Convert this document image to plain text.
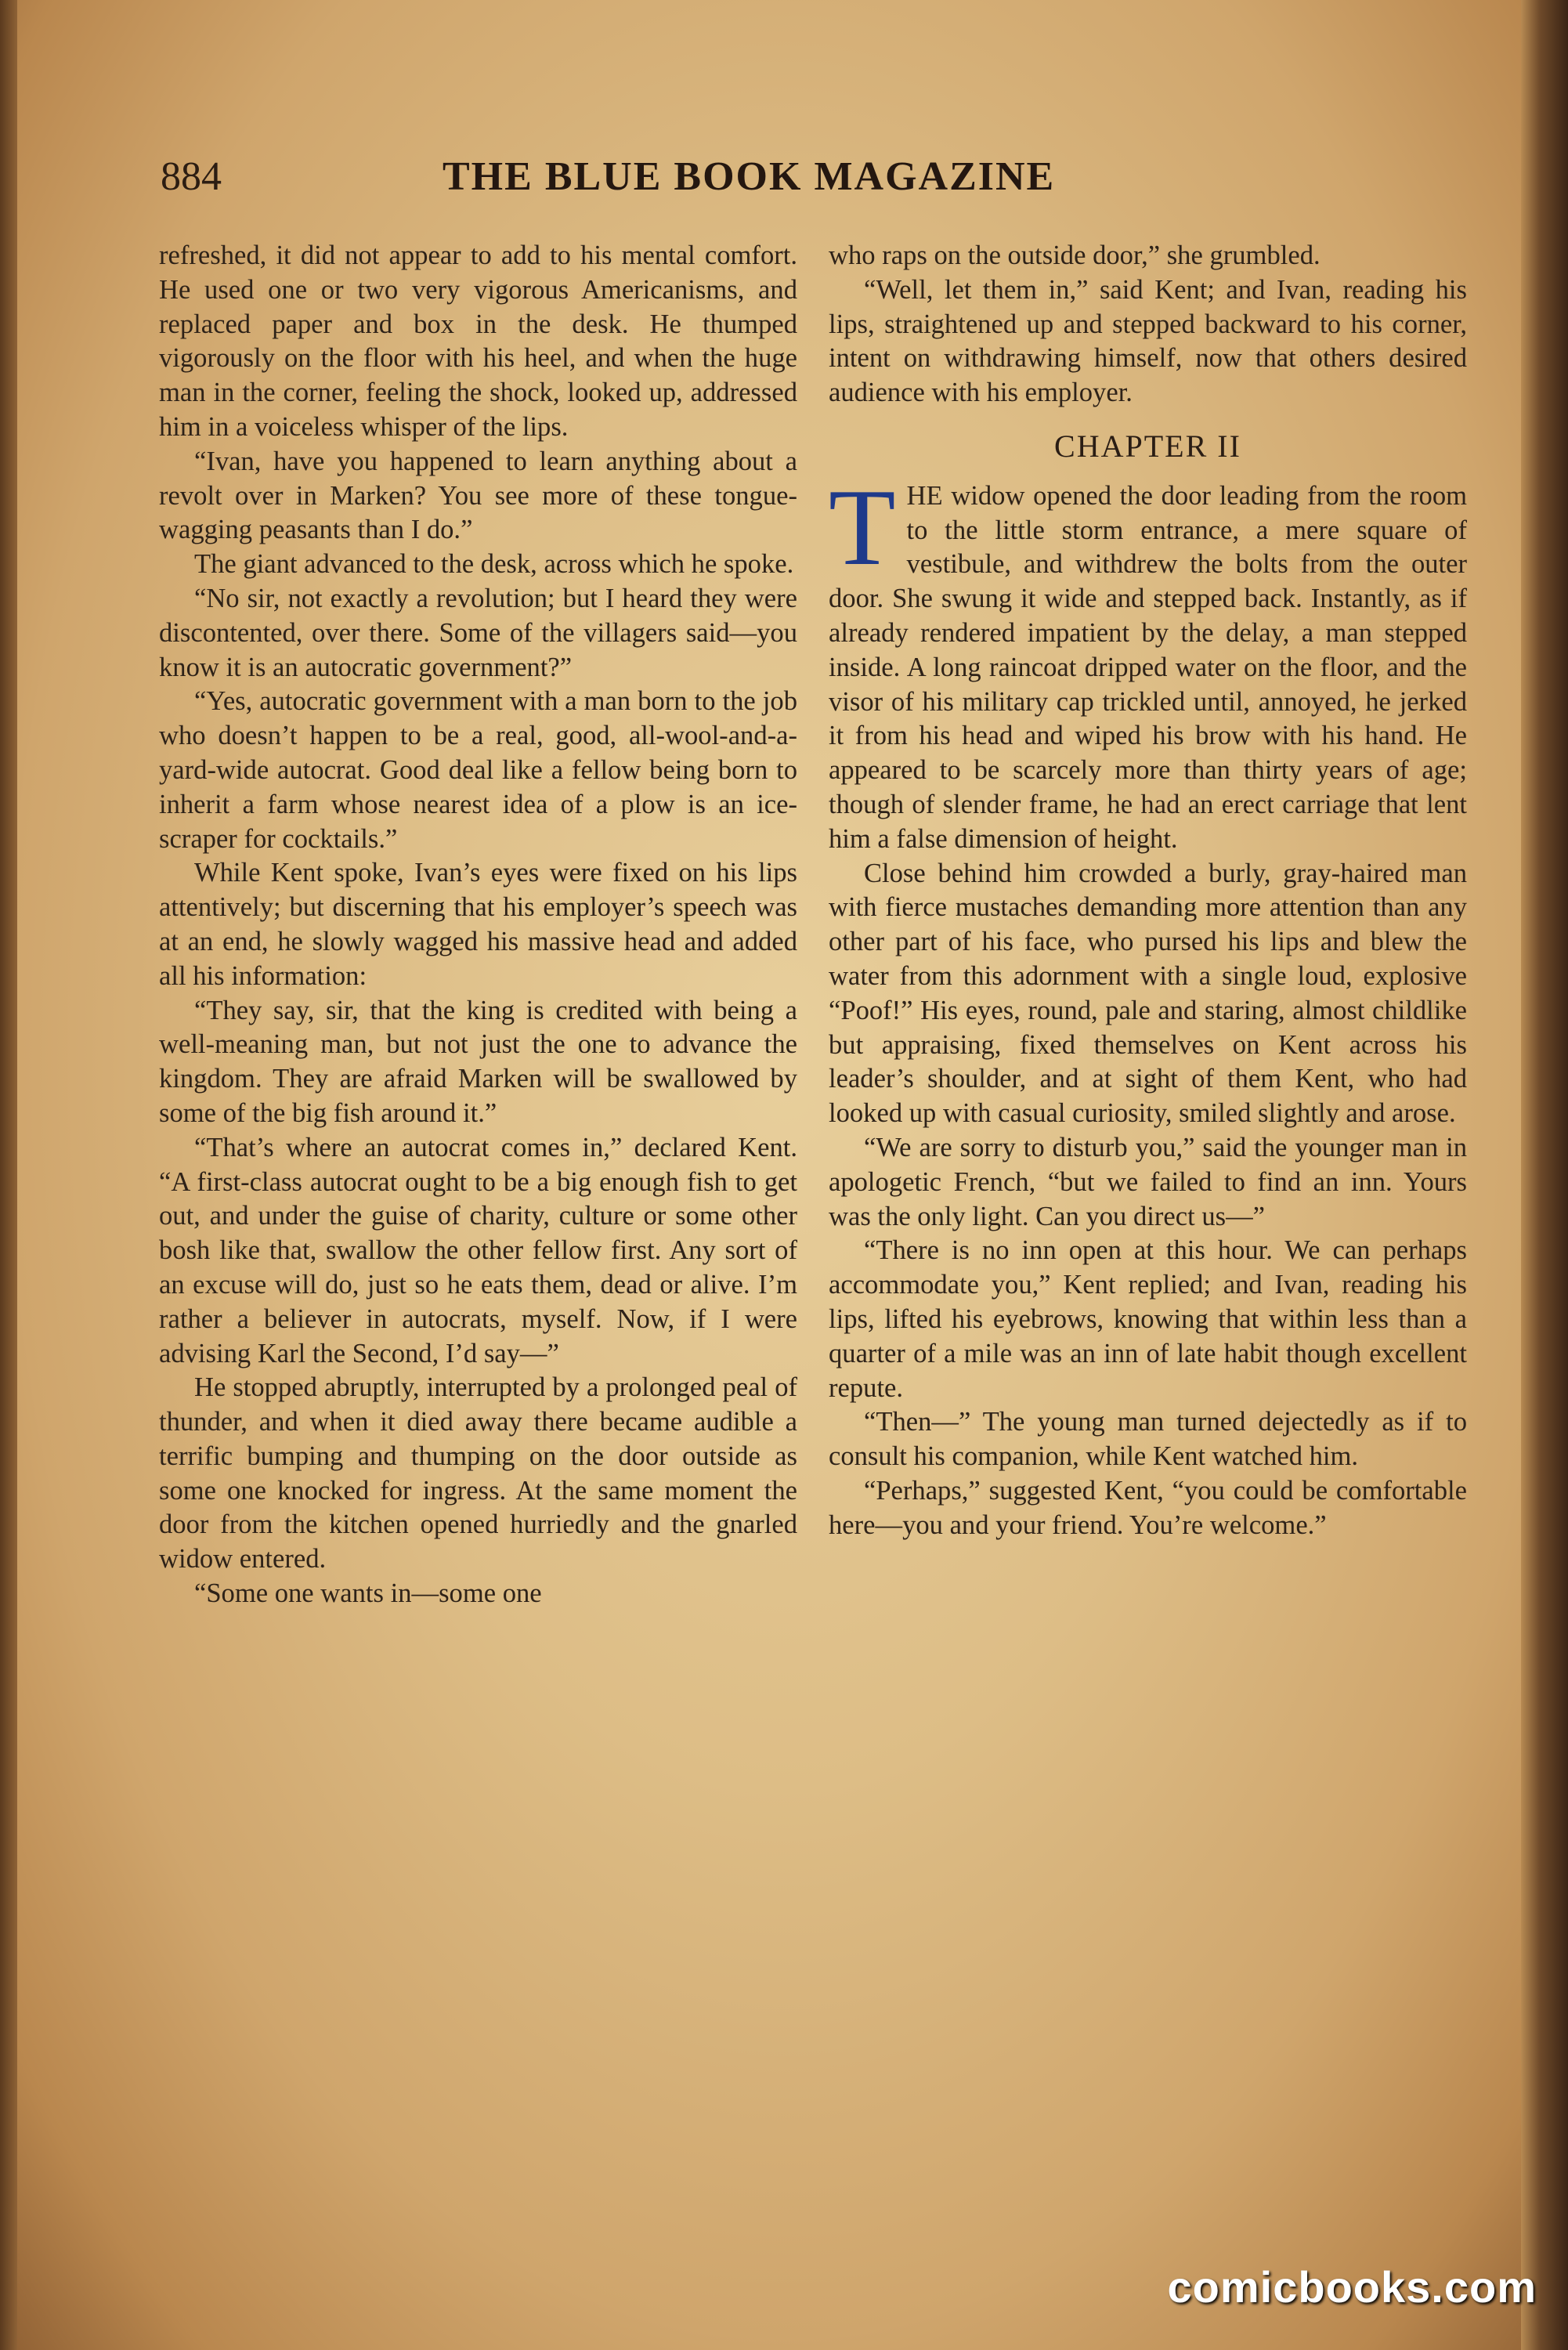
884	THE BLUE BOOK MAGAZINE

refreshed, it did not appear to add to his mental comfort. He used one or two very vigorous Americanisms, and replaced paper and box in the desk. He thumped vigorously on the floor with his heel, and when the huge man in the corner, feeling the shock, looked up, addressed him in a voiceless whisper of the lips.

“Ivan, have you happened to learn anything about a revolt over in Marken? You see more of these tongue-wagging peasants than I do.”

The giant advanced to the desk, across which he spoke.

“No sir, not exactly a revolution; but I heard they were discontented, over there. Some of the villagers said—you know it is an autocratic government?”

“Yes, autocratic government with a man born to the job who doesn’t happen to be a real, good, all-wool-and-a-yard-wide autocrat. Good deal like a fellow being born to inherit a farm whose nearest idea of a plow is an ice-scraper for cocktails.”

While Kent spoke, Ivan’s eyes were fixed on his lips attentively; but discerning that his employer’s speech was at an end, he slowly wagged his massive head and added all his information:

“They say, sir, that the king is credited with being a well-meaning man, but not just the one to advance the kingdom. They are afraid Marken will be swallowed by some of the big fish around it.”

“That’s where an autocrat comes in,” declared Kent. “A first-class autocrat ought to be a big enough fish to get out, and under the guise of charity, culture or some other bosh like that, swallow the other fellow first. Any sort of an excuse will do, just so he eats them, dead or alive. I’m rather a believer in autocrats, myself. Now, if I were advising Karl the Second, I’d say—”

He stopped abruptly, interrupted by a prolonged peal of thunder, and when it died away there became audible a terrific bumping and thumping on the door outside as some one knocked for ingress. At the same moment the door from the kitchen opened hurriedly and the gnarled widow entered.

“Some one wants in—some one

who raps on the outside door,” she grumbled.

“Well, let them in,” said Kent; and Ivan, reading his lips, straightened up and stepped backward to his corner, intent on withdrawing himself, now that others desired audience with his employer.

CHAPTER II

THE widow opened the door leading from the room to the little storm entrance, a mere square of vestibule, and withdrew the bolts from the outer door. She swung it wide and stepped back. Instantly, as if already rendered impatient by the delay, a man stepped inside. A long raincoat dripped water on the floor, and the visor of his military cap trickled until, annoyed, he jerked it from his head and wiped his brow with his hand. He appeared to be scarcely more than thirty years of age; though of slender frame, he had an erect carriage that lent him a false dimension of height.

Close behind him crowded a burly, gray-haired man with fierce mustaches demanding more attention than any other part of his face, who pursed his lips and blew the water from this adornment with a single loud, explosive “Poof!” His eyes, round, pale and staring, almost childlike but appraising, fixed themselves on Kent across his leader’s shoulder, and at sight of them Kent, who had looked up with casual curiosity, smiled slightly and arose.

“We are sorry to disturb you,” said the younger man in apologetic French, “but we failed to find an inn. Yours was the only light. Can you direct us—”

“There is no inn open at this hour. We can perhaps accommodate you,” Kent replied; and Ivan, reading his lips, lifted his eyebrows, knowing that within less than a quarter of a mile was an inn of late habit though excellent repute.

“Then—” The young man turned dejectedly as if to consult his companion, while Kent watched him.

“Perhaps,” suggested Kent, “you could be comfortable here—you and your friend. You’re welcome.”

comicbooks.com
